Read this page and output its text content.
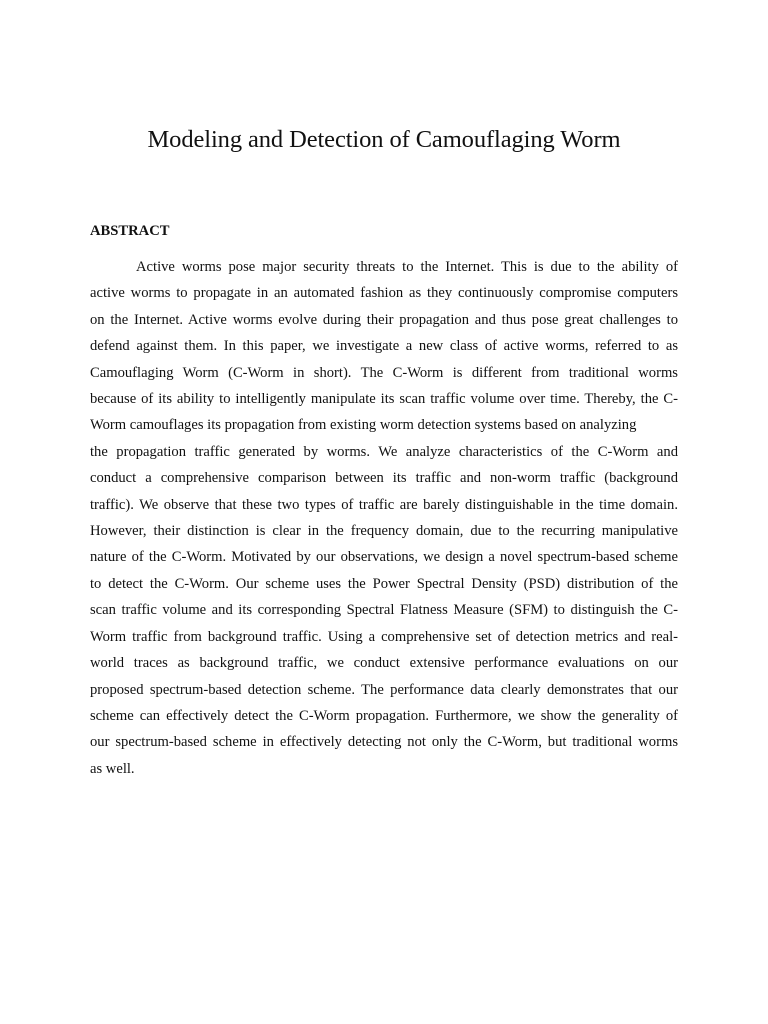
Modeling and Detection of Camouflaging Worm
ABSTRACT
Active worms pose major security threats to the Internet. This is due to the ability of
active worms to propagate in an automated fashion as they continuously compromise computers
on the Internet. Active worms evolve during their propagation and thus pose great challenges to
defend against them. In this paper, we investigate a new class of active worms, referred to as
Camouflaging Worm (C-Worm in short). The C-Worm is different from traditional worms
because of its ability to intelligently manipulate its scan traffic volume over time. Thereby, the C-
Worm camouflages its propagation from existing worm detection systems based on analyzing
the propagation traffic generated by worms. We analyze characteristics of the C-Worm and
conduct a comprehensive comparison between its traffic and non-worm traffic (background
traffic). We observe that these two types of traffic are barely distinguishable in the time domain.
However, their distinction is clear in the frequency domain, due to the recurring manipulative
nature of the C-Worm. Motivated by our observations, we design a novel spectrum-based scheme
to detect the C-Worm. Our scheme uses the Power Spectral Density (PSD) distribution of the
scan traffic volume and its corresponding Spectral Flatness Measure (SFM) to distinguish the C-
Worm traffic from background traffic. Using a comprehensive set of detection metrics and real-
world traces as background traffic, we conduct extensive performance evaluations on our
proposed spectrum-based detection scheme. The performance data clearly demonstrates that our
scheme can effectively detect the C-Worm propagation. Furthermore, we show the generality of
our spectrum-based scheme in effectively detecting not only the C-Worm, but traditional worms
as well.
